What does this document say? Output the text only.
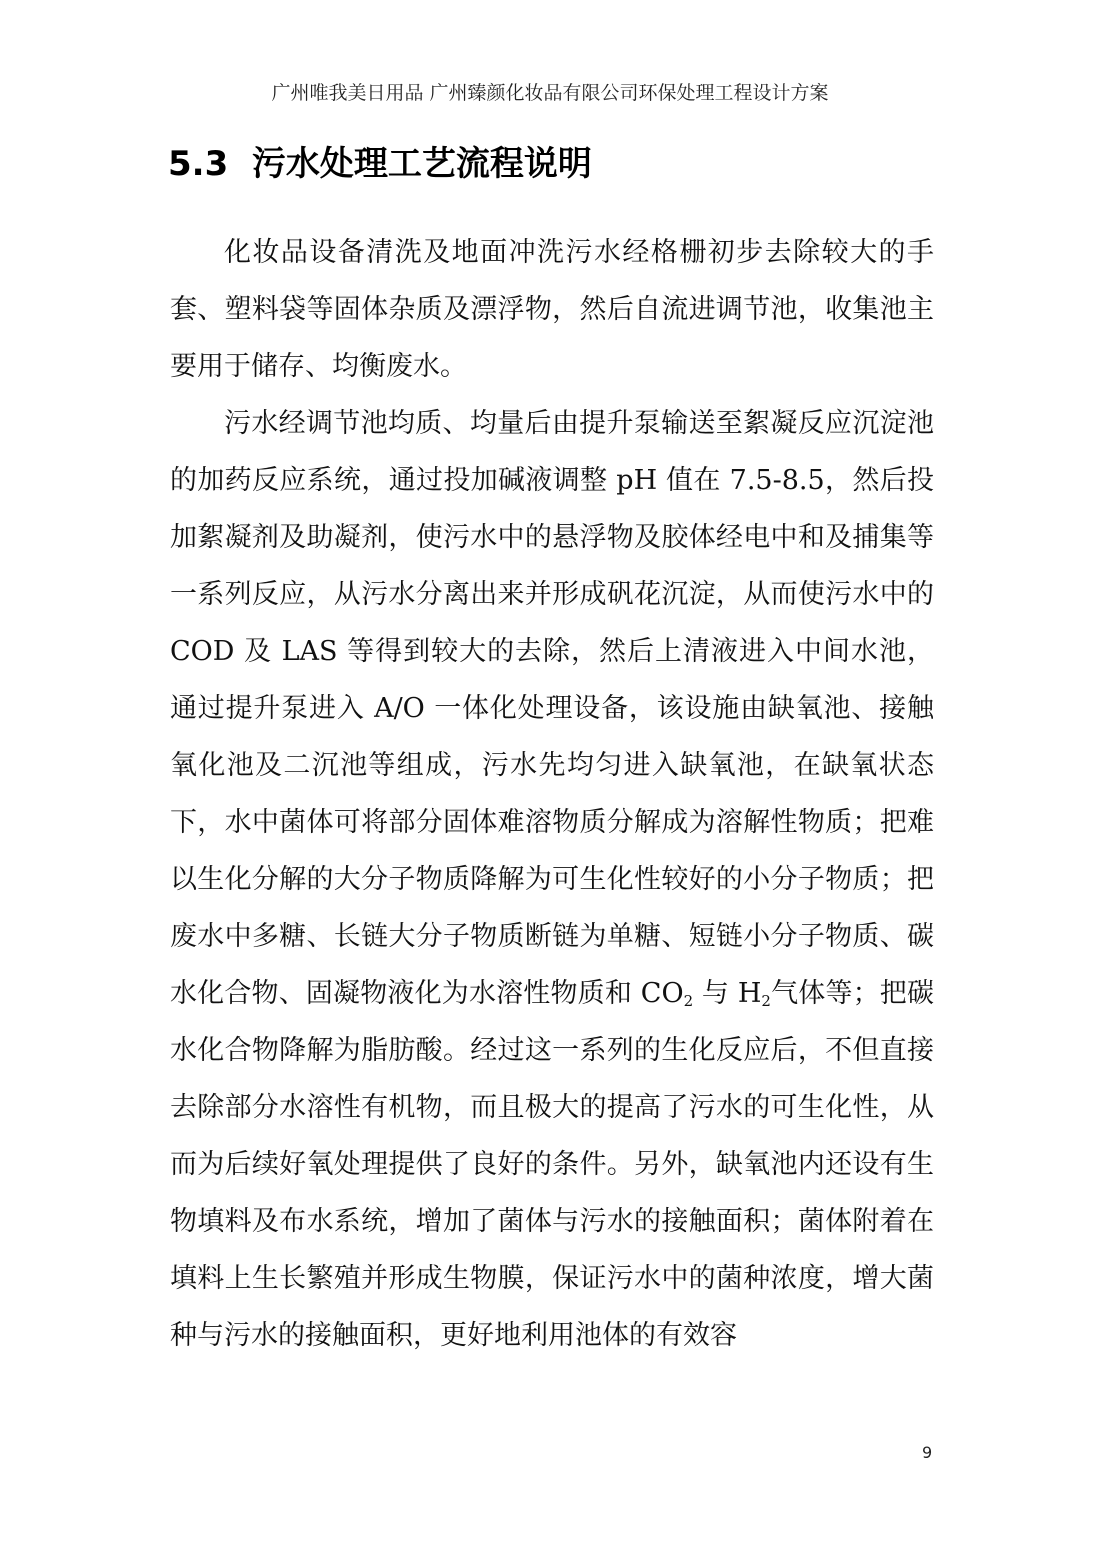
广州唯我美日用品 广州臻颜化妆品有限公司环保处理工程设计方案
5.3 污水处理工艺流程说明

化妆品设备清洗及地面冲洗污水经格栅初步去除较大的手套、塑料袋等固体杂质及漂浮物，然后自流进调节池，收集池主要用于储存、均衡废水。

污水经调节池均质、均量后由提升泵输送至絮凝反应沉淀池的加药反应系统，通过投加碱液调整 pH 值在 7.5-8.5，然后投加絮凝剂及助凝剂，使污水中的悬浮物及胶体经电中和及捕集等一系列反应，从污水分离出来并形成矾花沉淀，从而使污水中的 COD 及 LAS 等得到较大的去除，然后上清液进入中间水池，通过提升泵进入 A/O 一体化处理设备，该设施由缺氧池、接触氧化池及二沉池等组成，污水先均匀进入缺氧池，在缺氧状态下，水中菌体可将部分固体难溶物质分解成为溶解性物质；把难以生化分解的大分子物质降解为可生化性较好的小分子物质；把废水中多糖、长链大分子物质断链为单糖、短链小分子物质、碳水化合物、固凝物液化为水溶性物质和 $CO_2$ 与 $H_2$气体等；把碳水化合物降解为脂肪酸。经过这一系列的生化反应后，不但直接去除部分水溶性有机物，而且极大的提高了污水的可生化性，从而为后续好氧处理提供了良好的条件。另外，缺氧池内还设有生物填料及布水系统，增加了菌体与污水的接触面积；菌体附着在填料上生长繁殖并形成生物膜，保证污水中的菌种浓度，增大菌种与污水的接触面积，更好地利用池体的有效容

9
